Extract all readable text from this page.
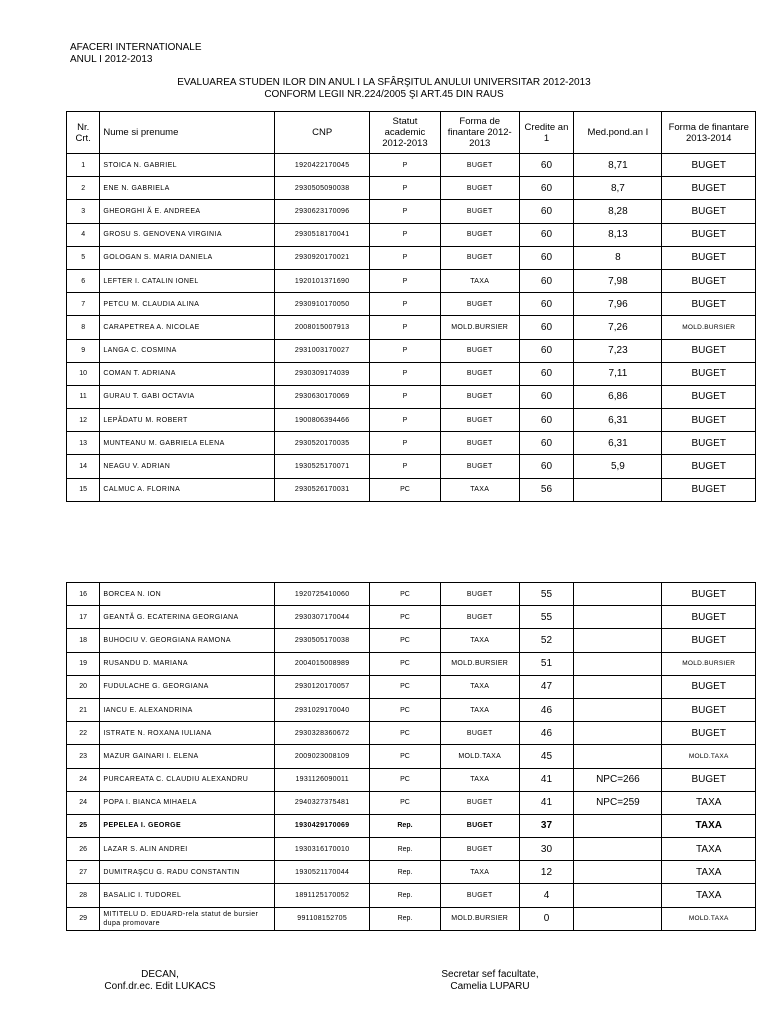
AFACERI INTERNATIONALE
ANUL I 2012-2013
EVALUAREA STUDEN ILOR DIN ANUL I LA SFÂRŞITUL ANULUI UNIVERSITAR 2012-2013
CONFORM LEGII NR.224/2005 ŞI ART.45 DIN RAUS
Nr. Crt.	Nume si prenume	CNP	Statut academic 2012-2013	Forma de finantare 2012-2013	Credite an 1	Med.pond.an I	Forma de finantare 2013-2014
1	STOICA N. GABRIEL	1920422170045	P	BUGET	60	8,71	BUGET
2	ENE N. GABRIELA	2930505090038	P	BUGET	60	8,7	BUGET
3	GHEORGHI Ă E. ANDREEA	2930623170096	P	BUGET	60	8,28	BUGET
4	GROSU S. GENOVENA VIRGINIA	2930518170041	P	BUGET	60	8,13	BUGET
5	GOLOGAN S. MARIA DANIELA	2930920170021	P	BUGET	60	8	BUGET
6	LEFTER I. CATALIN IONEL	1920101371690	P	TAXA	60	7,98	BUGET
7	PETCU M. CLAUDIA ALINA	2930910170050	P	BUGET	60	7,96	BUGET
8	CARAPETREA A. NICOLAE	2008015007913	P	MOLD.BURSIER	60	7,26	MOLD.BURSIER
9	LANGA C. COSMINA	2931003170027	P	BUGET	60	7,23	BUGET
10	COMAN T. ADRIANA	2930309174039	P	BUGET	60	7,11	BUGET
11	GURAU T. GABI OCTAVIA	2930630170069	P	BUGET	60	6,86	BUGET
12	LEPĂDATU M. ROBERT	1900806394466	P	BUGET	60	6,31	BUGET
13	MUNTEANU M. GABRIELA ELENA	2930520170035	P	BUGET	60	6,31	BUGET
14	NEAGU V. ADRIAN	1930525170071	P	BUGET	60	5,9	BUGET
15	CALMUC A. FLORINA	2930526170031	PC	TAXA	56		BUGET
16	BORCEA N. ION	1920725410060	PC	BUGET	55		BUGET
17	GEANTĂ G. ECATERINA GEORGIANA	2930307170044	PC	BUGET	55		BUGET
18	BUHOCIU V. GEORGIANA RAMONA	2930505170038	PC	TAXA	52		BUGET
19	RUSANDU D. MARIANA	2004015008989	PC	MOLD.BURSIER	51		MOLD.BURSIER
20	FUDULACHE G. GEORGIANA	2930120170057	PC	TAXA	47		BUGET
21	IANCU E. ALEXANDRINA	2931029170040	PC	TAXA	46		BUGET
22	ISTRATE N. ROXANA IULIANA	2930328360672	PC	BUGET	46		BUGET
23	MAZUR GAINARI I. ELENA	2009023008109	PC	MOLD.TAXA	45		MOLD.TAXA
24	PURCAREATA C. CLAUDIU ALEXANDRU	1931126090011	PC	TAXA	41	NPC=266	BUGET
24	POPA I. BIANCA MIHAELA	2940327375481	PC	BUGET	41	NPC=259	TAXA
25	PEPELEA I. GEORGE	1930429170069	Rep.	BUGET	37		TAXA
26	LAZAR S. ALIN ANDREI	1930316170010	Rep.	BUGET	30		TAXA
27	DUMITRAŞCU G. RADU CONSTANTIN	1930521170044	Rep.	TAXA	12		TAXA
28	BASALIC I. TUDOREL	1891125170052	Rep.	BUGET	4		TAXA
29	MITITELU D. EDUARD-rela statut de bursier dupa promovare	991108152705	Rep.	MOLD.BURSIER	0		MOLD.TAXA
DECAN,
Conf.dr.ec. Edit LUKACS
Secretar sef facultate,
Camelia LUPARU
